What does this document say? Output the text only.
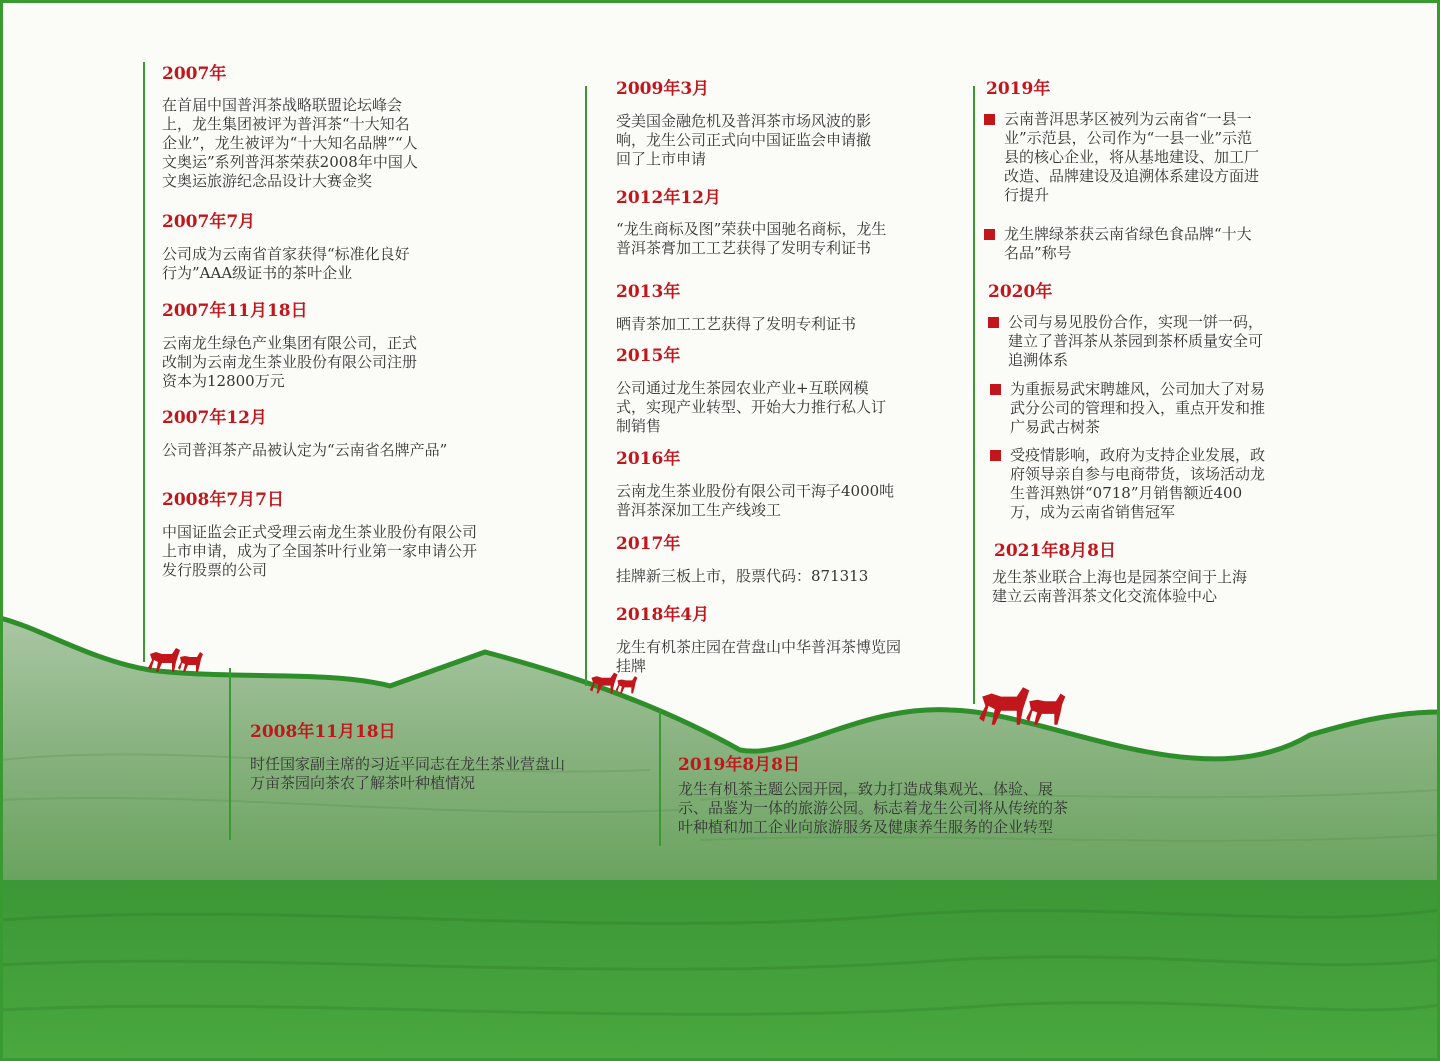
2007年
在首届中国普洱茶战略联盟论坛峰会上，龙生集团被评为普洱茶“十大知名企业”，龙生被评为“十大知名品牌”“人文奥运”系列普洱茶荣获2008年中国人文奥运旅游纪念品设计大赛金奖
2007年7月
公司成为云南省首家获得“标准化良好行为”AAA级证书的茶叶企业
2007年11月18日
云南龙生绿色产业集团有限公司，正式改制为云南龙生茶业股份有限公司注册资本为12800万元
2007年12月
公司普洱茶产品被认定为“云南省名牌产品”
2008年7月7日
中国证监会正式受理云南龙生茶业股份有限公司上市申请，成为了全国茶叶行业第一家申请公开发行股票的公司
2008年11月18日
时任国家副主席的习近平同志在龙生茶业营盘山万亩茶园向茶农了解茶叶种植情况
2009年3月
受美国金融危机及普洱茶市场风波的影响，龙生公司正式向中国证监会申请撤回了上市申请
2012年12月
“龙生商标及图”荣获中国驰名商标，龙生普洱茶膏加工工艺获得了发明专利证书
2013年
晒青茶加工工艺获得了发明专利证书
2015年
公司通过龙生茶园农业产业+互联网模式，实现产业转型、开始大力推行私人订制销售
2016年
云南龙生茶业股份有限公司干海子4000吨普洱茶深加工生产线竣工
2017年
挂牌新三板上市，股票代码：871313
2018年4月
龙生有机茶庄园在营盘山中华普洱茶博览园挂牌
2019年8月8日
龙生有机茶主题公园开园，致力打造成集观光、体验、展示、品鉴为一体的旅游公园。标志着龙生公司将从传统的茶叶种植和加工企业向旅游服务及健康养生服务的企业转型
2019年
云南普洱思茅区被列为云南省“一县一业”示范县，公司作为“一县一业”示范县的核心企业，将从基地建设、加工厂改造、品牌建设及追溯体系建设方面进行提升
龙生牌绿茶获云南省绿色食品牌“十大名品”称号
2020年
公司与易见股份合作，实现一饼一码，建立了普洱茶从茶园到茶杯质量安全可追溯体系
为重振易武宋聘雄风，公司加大了对易武分公司的管理和投入，重点开发和推广易武古树茶
受疫情影响，政府为支持企业发展，政府领导亲自参与电商带货，该场活动龙生普洱熟饼“0718”月销售额近400万，成为云南省销售冠军
2021年8月8日
龙生茶业联合上海也是园茶空间于上海建立云南普洱茶文化交流体验中心
